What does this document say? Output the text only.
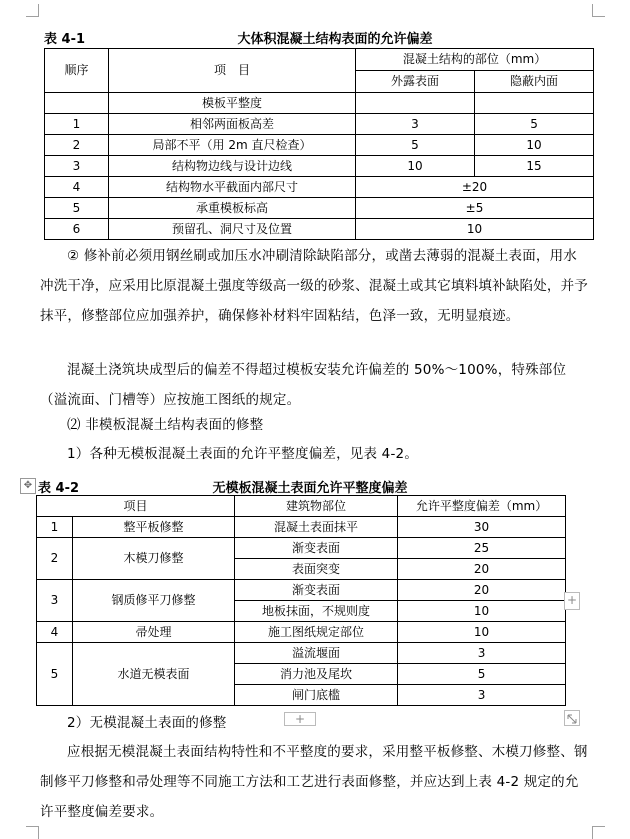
表 4-1	大体积混凝土结构表面的允许偏差
顺序	项　目	混凝土结构的部位（mm）	
		外露表面	隐蔽内面
	模板平整度		
1	相邻两面板高差	3	5
2	局部不平（用 2m 直尺检查）	5	10
3	结构物边线与设计边线	10	15
4	结构物水平截面内部尺寸	±20	
5	承重模板标高	±5	
6	预留孔、洞尺寸及位置	10	

② 修补前必须用钢丝刷或加压水冲刷清除缺陷部分，或凿去薄弱的混凝土表面，用水冲洗干净，应采用比原混凝土强度等级高一级的砂浆、混凝土或其它填料填补缺陷处，并予抹平，修整部位应加强养护，确保修补材料牢固粘结，色泽一致，无明显痕迹。

混凝土浇筑块成型后的偏差不得超过模板安装允许偏差的 50%～100%，特殊部位（溢流面、门槽等）应按施工图纸的规定。

⑵ 非模板混凝土结构表面的修整

1）各种无模板混凝土表面的允许平整度偏差，见表 4-2。

✥ 表 4-2	无模板混凝土表面允许平整度偏差
项目		建筑物部位	允许平整度偏差（mm）
1	整平板修整	混凝土表面抹平	30
2	木模刀修整	渐变表面	25
		表面突变	20
3	钢质修平刀修整	渐变表面	20
		地板抹面，不规则度	10
4	帚处理	施工图纸规定部位	10
5	水道无模表面	溢流堰面	3
		消力池及尾坎	5
		闸门底槛	3
+
+

2）无模混凝土表面的修整

应根据无模混凝土表面结构特性和不平整度的要求，采用整平板修整、木模刀修整、钢制修平刀修整和帚处理等不同施工方法和工艺进行表面修整，并应达到上表 4-2 规定的允许平整度偏差要求。
